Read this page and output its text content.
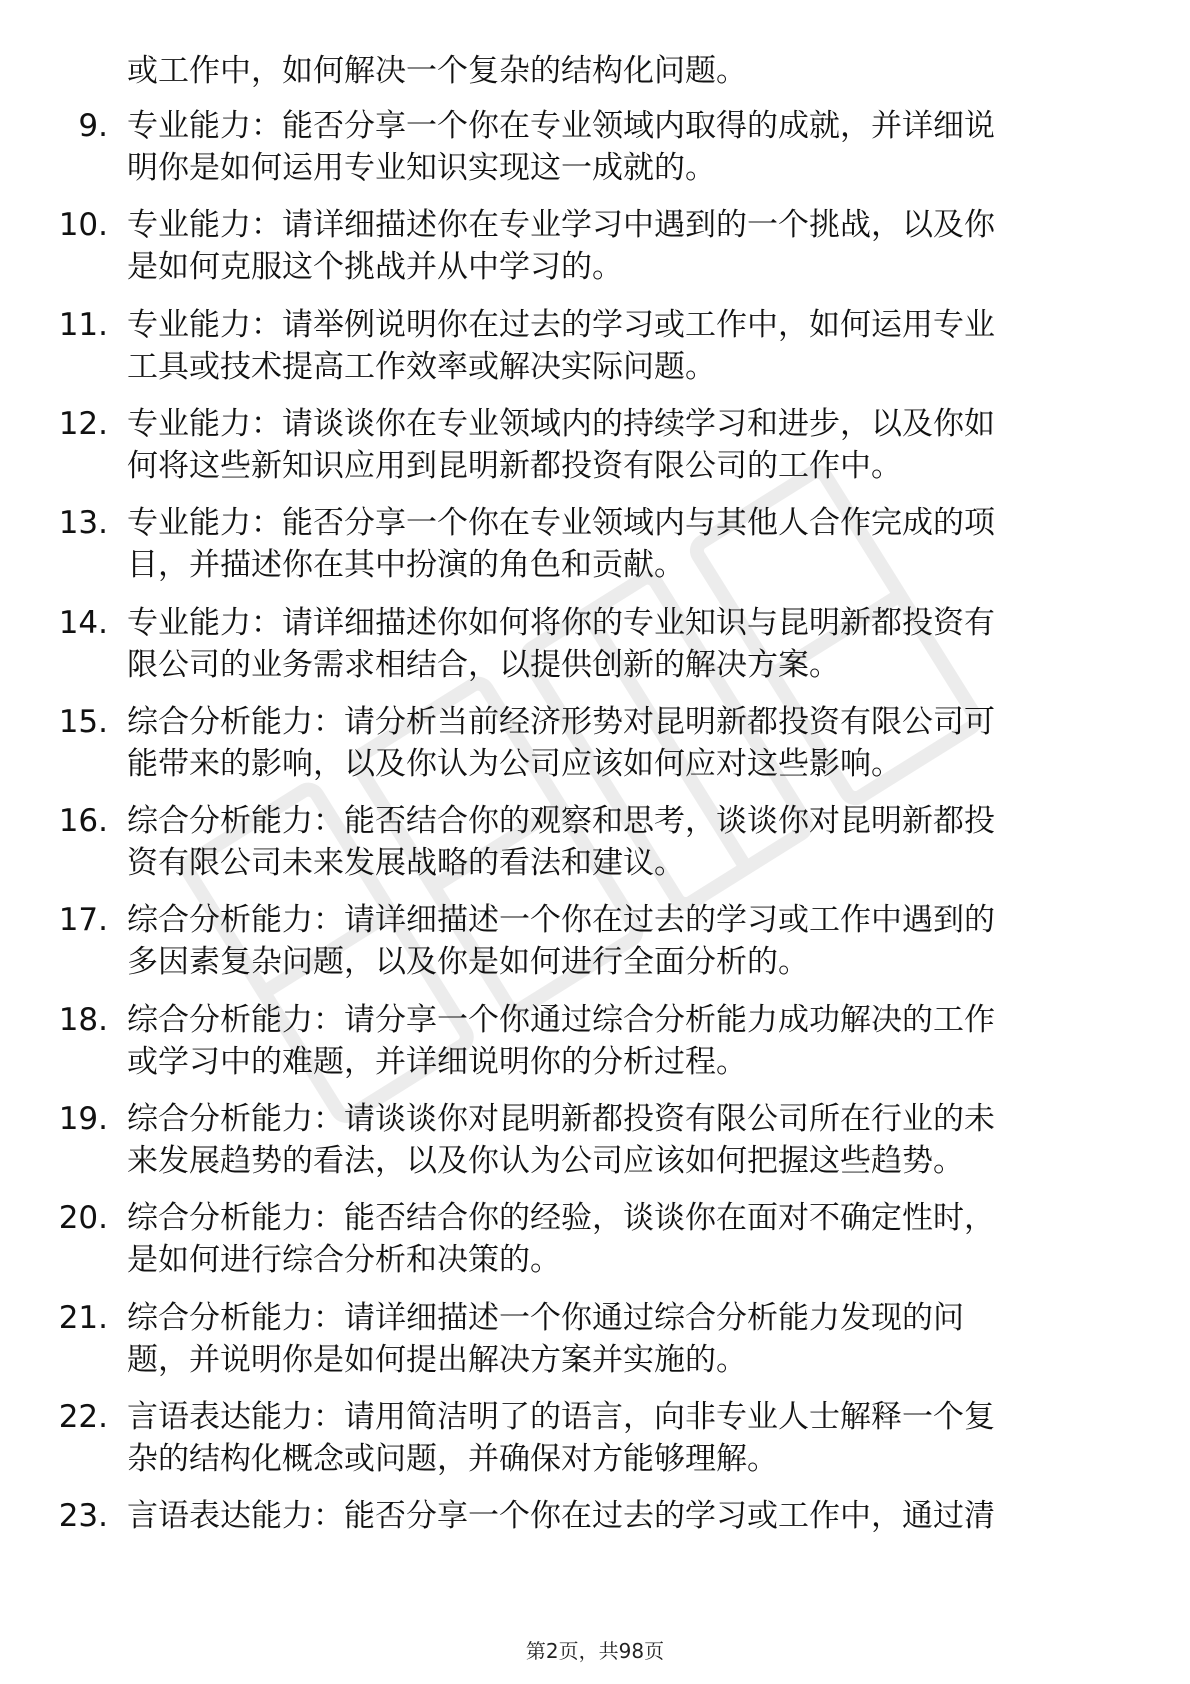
或工作中，如何解决一个复杂的结构化问题。
9. 专业能力：能否分享一个你在专业领域内取得的成就，并详细说
明你是如何运用专业知识实现这一成就的。
10. 专业能力：请详细描述你在专业学习中遇到的一个挑战，以及你
是如何克服这个挑战并从中学习的。
11. 专业能力：请举例说明你在过去的学习或工作中，如何运用专业
工具或技术提高工作效率或解决实际问题。
12. 专业能力：请谈谈你在专业领域内的持续学习和进步，以及你如
何将这些新知识应用到昆明新都投资有限公司的工作中。
13. 专业能力：能否分享一个你在专业领域内与其他人合作完成的项
目，并描述你在其中扮演的角色和贡献。
14. 专业能力：请详细描述你如何将你的专业知识与昆明新都投资有
限公司的业务需求相结合，以提供创新的解决方案。
15. 综合分析能力：请分析当前经济形势对昆明新都投资有限公司可
能带来的影响，以及你认为公司应该如何应对这些影响。
16. 综合分析能力：能否结合你的观察和思考，谈谈你对昆明新都投
资有限公司未来发展战略的看法和建议。
17. 综合分析能力：请详细描述一个你在过去的学习或工作中遇到的
多因素复杂问题，以及你是如何进行全面分析的。
18. 综合分析能力：请分享一个你通过综合分析能力成功解决的工作
或学习中的难题，并详细说明你的分析过程。
19. 综合分析能力：请谈谈你对昆明新都投资有限公司所在行业的未
来发展趋势的看法，以及你认为公司应该如何把握这些趋势。
20. 综合分析能力：能否结合你的经验，谈谈你在面对不确定性时，
是如何进行综合分析和决策的。
21. 综合分析能力：请详细描述一个你通过综合分析能力发现的问
题，并说明你是如何提出解决方案并实施的。
22. 言语表达能力：请用简洁明了的语言，向非专业人士解释一个复
杂的结构化概念或问题，并确保对方能够理解。
23. 言语表达能力：能否分享一个你在过去的学习或工作中，通过清
第2页，共98页
